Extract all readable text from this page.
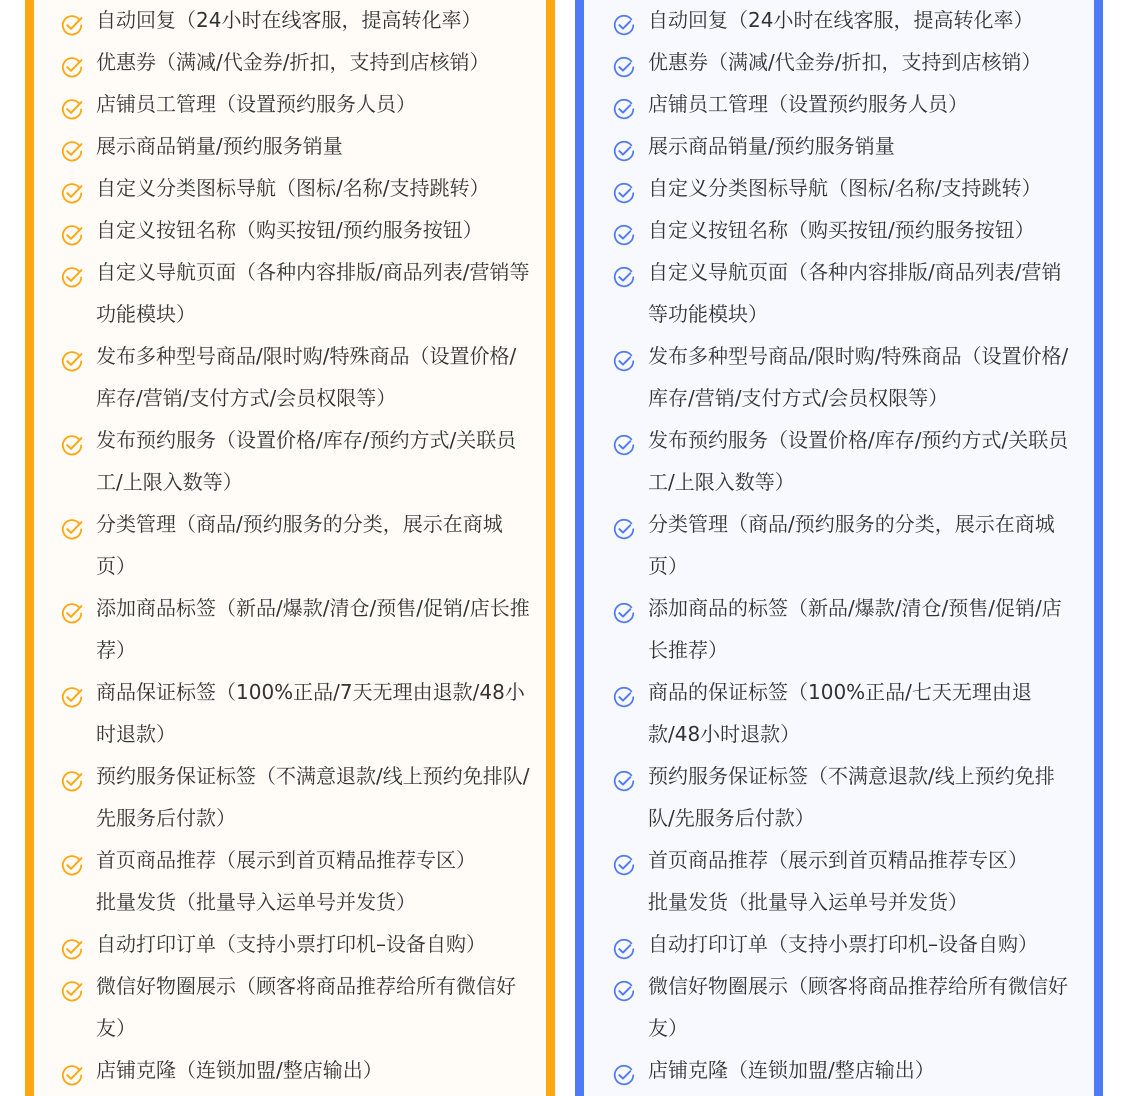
自动回复（24小时在线客服，提高转化率）
优惠券（满减/代金券/折扣，支持到店核销）
店铺员工管理（设置预约服务人员）
展示商品销量/预约服务销量
自定义分类图标导航（图标/名称/支持跳转）
自定义按钮名称（购买按钮/预约服务按钮）
自定义导航页面（各种内容排版/商品列表/营销等功能模块）
发布多种型号商品/限时购/特殊商品（设置价格/库存/营销/支付方式/会员权限等）
发布预约服务（设置价格/库存/预约方式/关联员工/上限入数等）
分类管理（商品/预约服务的分类，展示在商城页）
添加商品标签（新品/爆款/清仓/预售/促销/店长推荐）
商品保证标签（100%正品/7天无理由退款/48小时退款）
预约服务保证标签（不满意退款/线上预约免排队/先服务后付款）
首页商品推荐（展示到首页精品推荐专区）
批量发货（批量导入运单号并发货）
自动打印订单（支持小票打印机–设备自购）
微信好物圈展示（顾客将商品推荐给所有微信好友）
店铺克隆（连锁加盟/整店输出）
自动回复（24小时在线客服，提高转化率）
优惠券（满减/代金券/折扣，支持到店核销）
店铺员工管理（设置预约服务人员）
展示商品销量/预约服务销量
自定义分类图标导航（图标/名称/支持跳转）
自定义按钮名称（购买按钮/预约服务按钮）
自定义导航页面（各种内容排版/商品列表/营销等功能模块）
发布多种型号商品/限时购/特殊商品（设置价格/库存/营销/支付方式/会员权限等）
发布预约服务（设置价格/库存/预约方式/关联员工/上限入数等）
分类管理（商品/预约服务的分类，展示在商城页）
添加商品的标签（新品/爆款/清仓/预售/促销/店长推荐）
商品的保证标签（100%正品/七天无理由退款/48小时退款）
预约服务保证标签（不满意退款/线上预约免排队/先服务后付款）
首页商品推荐（展示到首页精品推荐专区）
批量发货（批量导入运单号并发货）
自动打印订单（支持小票打印机–设备自购）
微信好物圈展示（顾客将商品推荐给所有微信好友）
店铺克隆（连锁加盟/整店输出）
